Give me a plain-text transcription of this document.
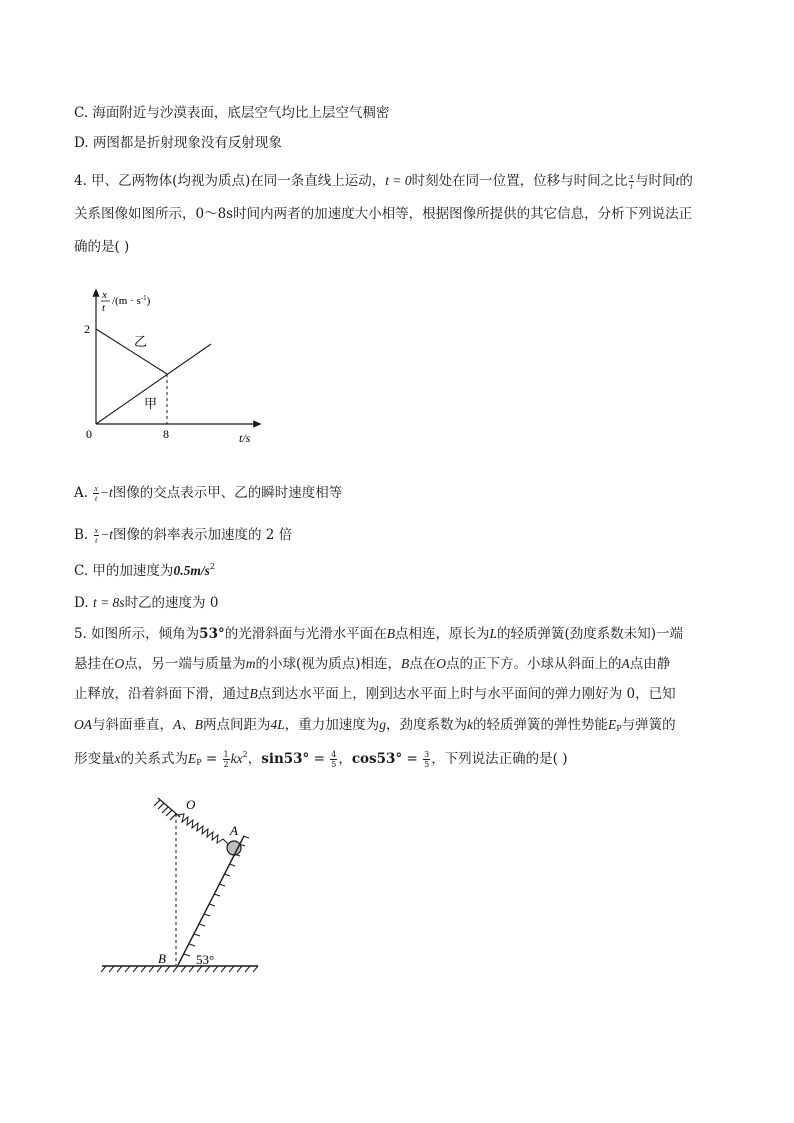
C. 海面附近与沙漠表面，底层空气均比上层空气稠密
D. 两图都是折射现象没有反射现象
4. 甲、乙两物体(均视为质点)在同一条直线上运动，t = 0时刻处在同一位置，位移与时间之比 $\frac{x}{t}$ 与时间t的
关系图像如图所示，0～8s时间内两者的加速度大小相等，根据图像所提供的其它信息，分析下列说法正
确的是( )
x
t
$/(m \cdot s^{-1})$
2
0	8	t/s
乙
甲
A. $\frac{x}{t} -t$图像的交点表示甲、乙的瞬时速度相等
B. $\frac{x}{t} -t$图像的斜率表示加速度的 2 倍
C. 甲的加速度为$0.5m/s^2$
D. t = 8s时乙的速度为 0
5. 如图所示，倾角为53°的光滑斜面与光滑水平面在B点相连，原长为L的轻质弹簧(劲度系数未知)一端
悬挂在O点，另一端与质量为m的小球(视为质点)相连，B点在O点的正下方。小球从斜面上的A点由静
止释放，沿着斜面下滑，通过B点到达水平面上，刚到达水平面上时与水平面间的弹力刚好为 0，已知
OA与斜面垂直，A、B两点间距为4L，重力加速度为g，劲度系数为k的轻质弹簧的弹性势能$E_P$与弹簧的
形变量x的关系式为$E_P = \frac{1}{2} kx^2$，$\sin 53^\circ = \frac{4}{5}$ ，$\cos 53^\circ = \frac{3}{5}$ ，下列说法正确的是( )
O
A
B 53°
